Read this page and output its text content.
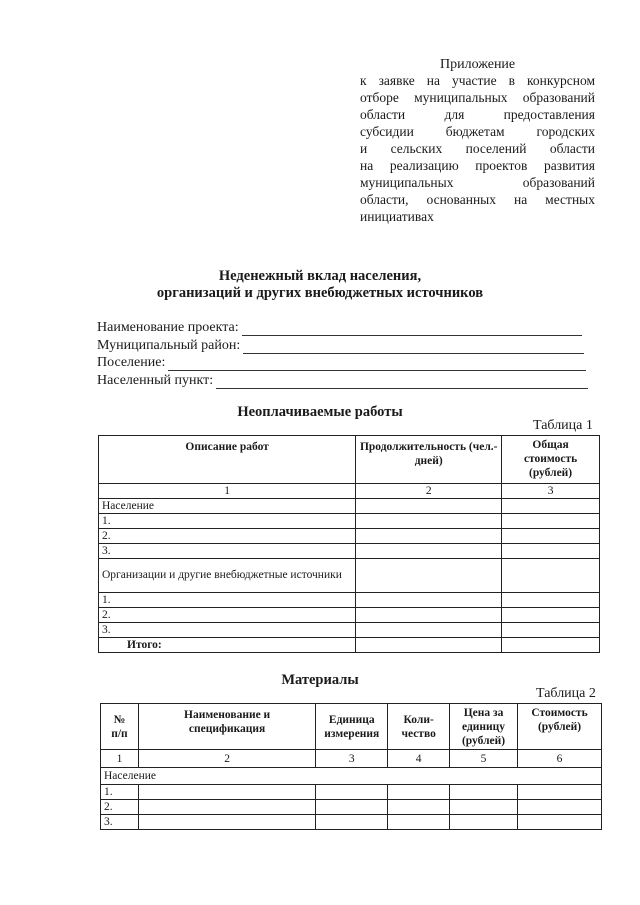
Приложение
к заявке на участие в конкурсном
отборе муниципальных образований
области для предоставления
субсидии бюджетам городских
и сельских поселений области
на реализацию проектов развития
муниципальных образований
области, основанных на местных
инициативах
Неденежный вклад населения,
организаций и других внебюджетных источников
Наименование проекта:
Муниципальный район:
Поселение:
Населенный пункт:
Неоплачиваемые работы
Таблица 1
Описание работ	Продолжительность (чел.-дней)	Общая стоимость (рублей)
1	2	3
Население		
1.		
2.		
3.		
Организации и другие внебюджетные источники		
1.		
2.		
3.		
Итого:		
Материалы
Таблица 2
№ п/п	Наименование и спецификация	Единица измерения	Коли-чество	Цена за единицу (рублей)	Стоимость (рублей)
1	2	3	4	5	6
Население					
1.					
2.					
3.					
